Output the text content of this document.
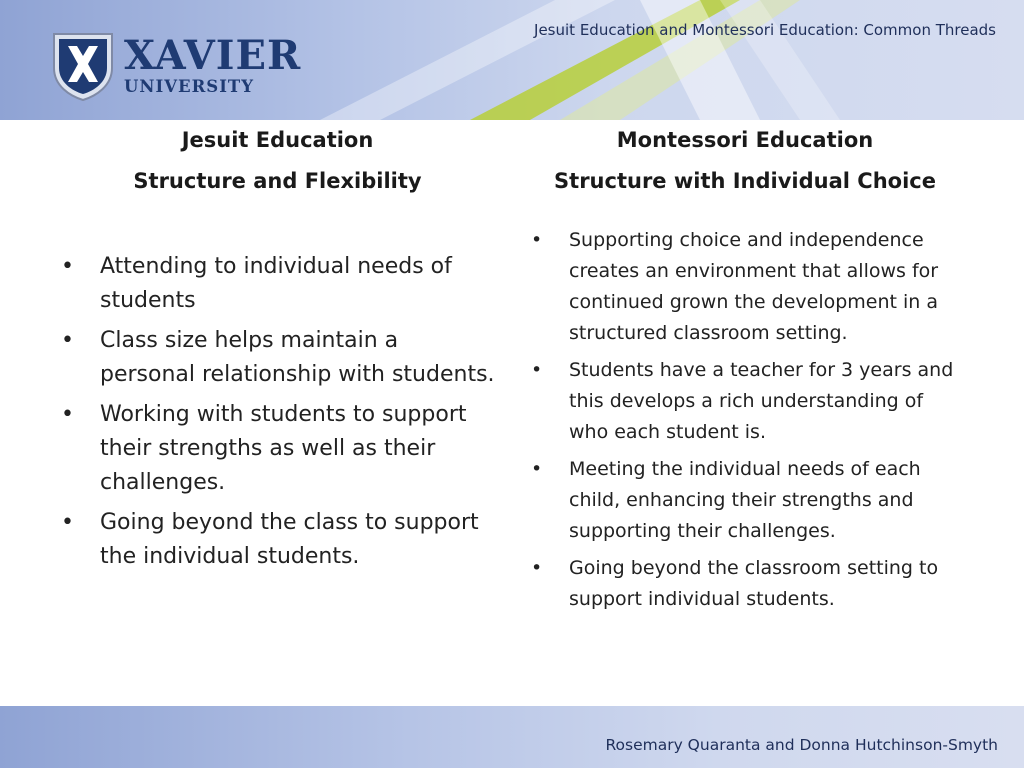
XAVIER
UNIVERSITY
Jesuit Education and Montessori Education: Common Threads
Jesuit Education
Structure and Flexibility
• Attending to individual needs of students
• Class size helps maintain a personal relationship with students.
• Working with students to support their strengths as well as their challenges.
• Going beyond the class to support the individual students.
Montessori Education
Structure with Individual Choice
• Supporting choice and independence creates an environment that allows for continued grown the development in a structured classroom setting.
• Students have a teacher for 3 years and this develops a rich understanding of who each student is.
• Meeting the individual needs of each child, enhancing their strengths and supporting their challenges.
• Going beyond the classroom setting to support individual students.
Rosemary Quaranta and Donna Hutchinson-Smyth
